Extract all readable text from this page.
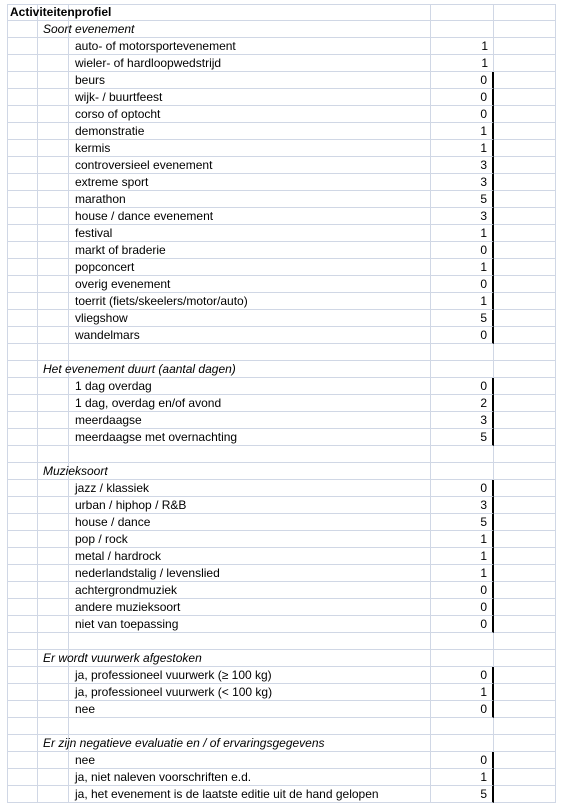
Activiteitenprofiel
Soort evenement
1
auto- of motorsportevenement
1
wieler- of hardloopwedstrijd
0
beurs
0
wijk- / buurtfeest
0
corso of optocht
1
demonstratie
1
kermis
3
controversieel evenement
3
extreme sport
5
marathon
3
house / dance evenement
1
festival
0
markt of braderie
1
popconcert
0
overig evenement
1
toerrit (fiets/skeelers/motor/auto)
5
vliegshow
0
wandelmars
Het evenement duurt (aantal dagen)
0
1 dag overdag
2
1 dag, overdag en/of avond
3
meerdaagse
5
meerdaagse met overnachting
Muzieksoort
0
jazz / klassiek
3
urban / hiphop / R&B
5
house / dance
1
pop / rock
1
metal / hardrock
1
nederlandstalig / levenslied
0
achtergrondmuziek
0
andere muzieksoort
0
niet van toepassing
Er wordt vuurwerk afgestoken
0
ja, professioneel vuurwerk (≥ 100 kg)
1
ja, professioneel vuurwerk (< 100 kg)
0
nee
Er zijn negatieve evaluatie en / of ervaringsgegevens
0
nee
1
ja, niet naleven voorschriften e.d.
5
ja, het evenement is de laatste editie uit de hand gelopen
